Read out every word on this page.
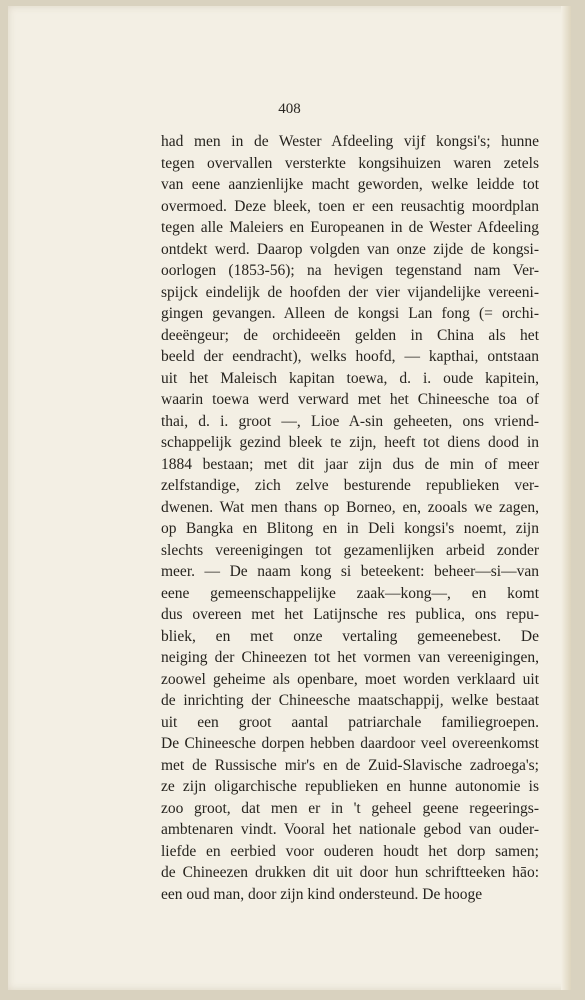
408
had men in de Wester Afdeeling vijf kongsi's; hunne
tegen overvallen versterkte kongsihuizen waren zetels
van eene aanzienlijke macht geworden, welke leidde tot
overmoed. Deze bleek, toen er een reusachtig moordplan
tegen alle Maleiers en Europeanen in de Wester Afdeeling
ontdekt werd. Daarop volgden van onze zijde de kongsi-
oorlogen (1853-56); na hevigen tegenstand nam Ver-
spijck eindelijk de hoofden der vier vijandelijke vereeni-
gingen gevangen. Alleen de kongsi Lan fong (= orchi-
deeëngeur; de orchideeën gelden in China als het
beeld der eendracht), welks hoofd, — kapthai, ontstaan
uit het Maleisch kapitan toewa, d. i. oude kapitein,
waarin toewa werd verward met het Chineesche toa of
thai, d. i. groot —, Lioe A-sin geheeten, ons vriend-
schappelijk gezind bleek te zijn, heeft tot diens dood in
1884 bestaan; met dit jaar zijn dus de min of meer
zelfstandige, zich zelve besturende republieken ver-
dwenen. Wat men thans op Borneo, en, zooals we zagen,
op Bangka en Blitong en in Deli kongsi's noemt, zijn
slechts vereenigingen tot gezamenlijken arbeid zonder
meer. — De naam kong si beteekent: beheer—si—van
eene gemeenschappelijke zaak—kong—, en komt
dus overeen met het Latijnsche res publica, ons repu-
bliek, en met onze vertaling gemeenebest. De
neiging der Chineezen tot het vormen van vereenigingen,
zoowel geheime als openbare, moet worden verklaard uit
de inrichting der Chineesche maatschappij, welke bestaat
uit een groot aantal patriarchale familiegroepen.
De Chineesche dorpen hebben daardoor veel overeenkomst
met de Russische mir's en de Zuid-Slavische zadroega's;
ze zijn oligarchische republieken en hunne autonomie is
zoo groot, dat men er in 't geheel geene regeerings-
ambtenaren vindt. Vooral het nationale gebod van ouder-
liefde en eerbied voor ouderen houdt het dorp samen;
de Chineezen drukken dit uit door hun schriftteeken hāo:
een oud man, door zijn kind ondersteund. De hooge
